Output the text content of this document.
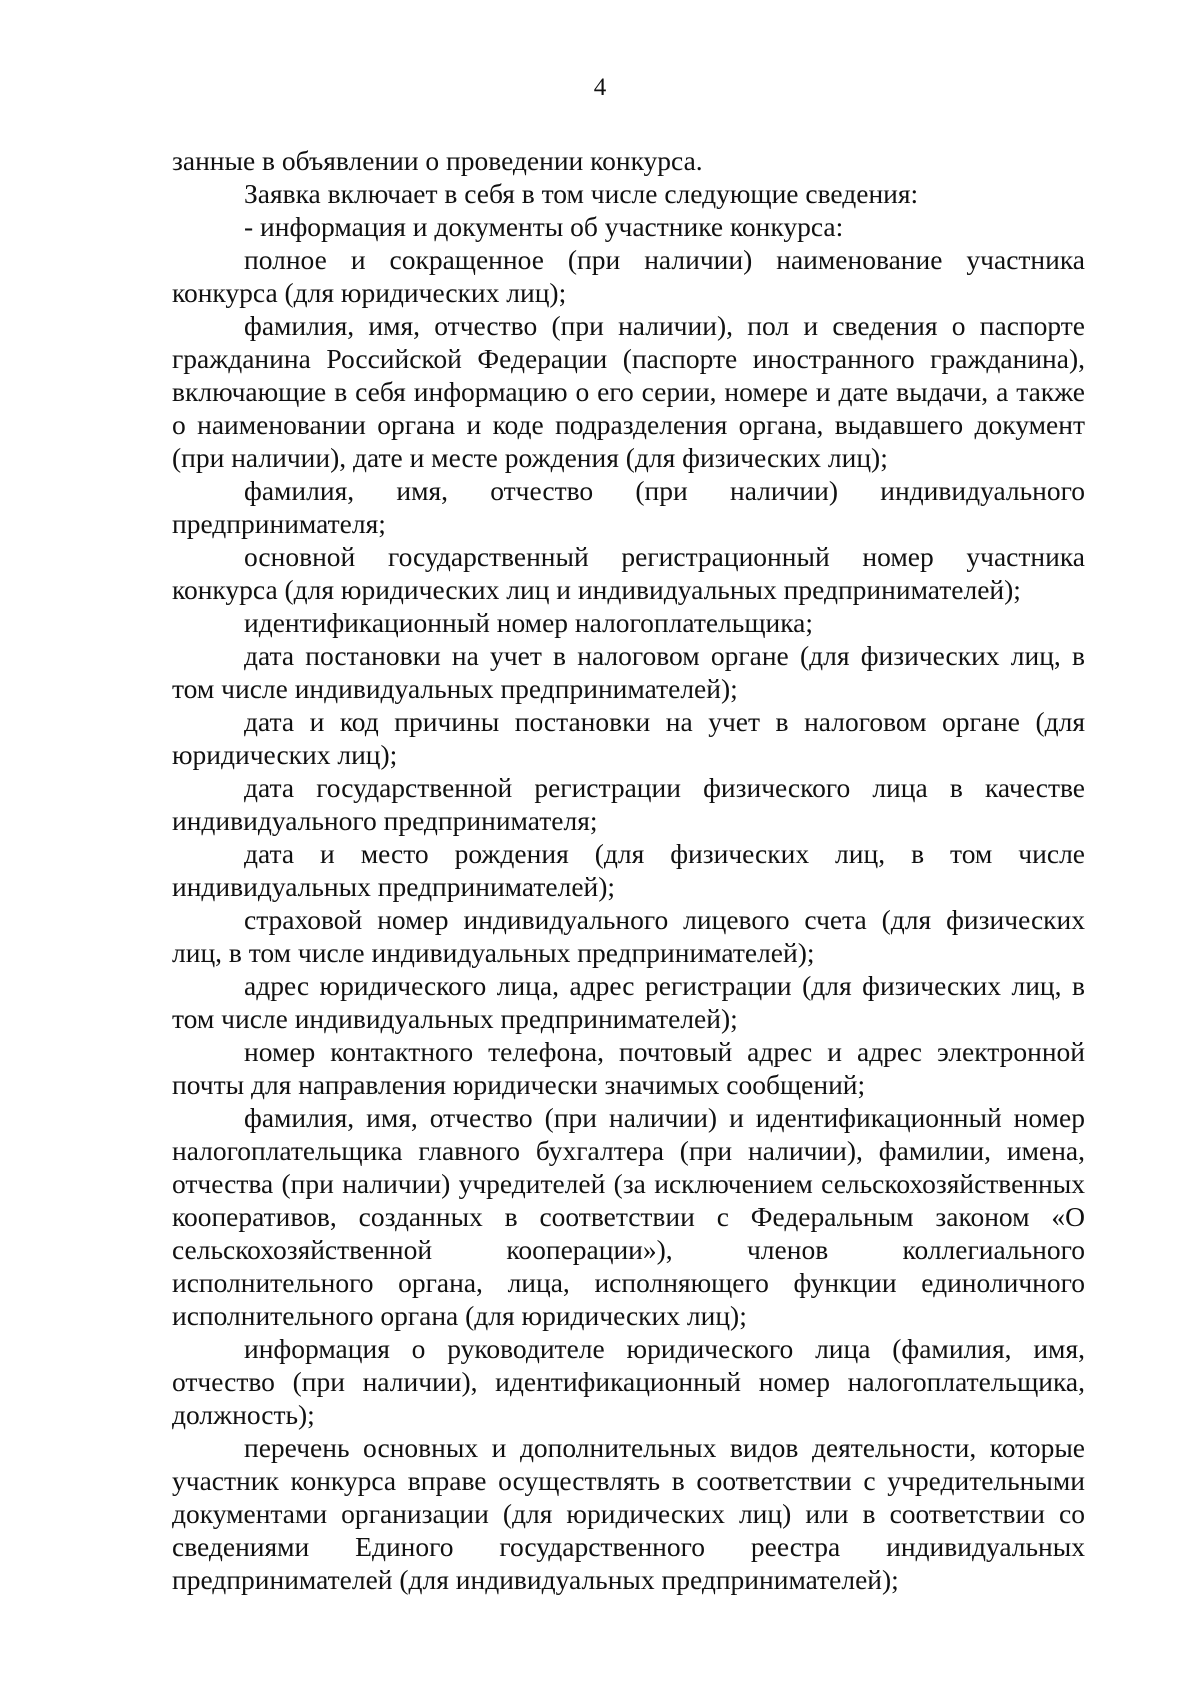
4

занные в объявлении о проведении конкурса.

Заявка включает в себя в том числе следующие сведения:

- информация и документы об участнике конкурса:

полное и сокращенное (при наличии) наименование участника конкурса (для юридических лиц);

фамилия, имя, отчество (при наличии), пол и сведения о паспорте гражданина Российской Федерации (паспорте иностранного гражданина), включающие в себя информацию о его серии, номере и дате выдачи, а также о наименовании органа и коде подразделения органа, выдавшего документ (при наличии), дате и месте рождения (для физических лиц);

фамилия, имя, отчество (при наличии) индивидуального предпринимателя;

основной государственный регистрационный номер участника конкурса (для юридических лиц и индивидуальных предпринимателей);

идентификационный номер налогоплательщика;

дата постановки на учет в налоговом органе (для физических лиц, в том числе индивидуальных предпринимателей);

дата и код причины постановки на учет в налоговом органе (для юридических лиц);

дата государственной регистрации физического лица в качестве индивидуального предпринимателя;

дата и место рождения (для физических лиц, в том числе индивидуальных предпринимателей);

страховой номер индивидуального лицевого счета (для физических лиц, в том числе индивидуальных предпринимателей);

адрес юридического лица, адрес регистрации (для физических лиц, в том числе индивидуальных предпринимателей);

номер контактного телефона, почтовый адрес и адрес электронной почты для направления юридически значимых сообщений;

фамилия, имя, отчество (при наличии) и идентификационный номер налогоплательщика главного бухгалтера (при наличии), фамилии, имена, отчества (при наличии) учредителей (за исключением сельскохозяйственных кооперативов, созданных в соответствии с Федеральным законом «О сельскохозяйственной кооперации»), членов коллегиального исполнительного органа, лица, исполняющего функции единоличного исполнительного органа (для юридических лиц);

информация о руководителе юридического лица (фамилия, имя, отчество (при наличии), идентификационный номер налогоплательщика, должность);

перечень основных и дополнительных видов деятельности, которые участник конкурса вправе осуществлять в соответствии с учредительными документами организации (для юридических лиц) или в соответствии со сведениями Единого государственного реестра индивидуальных предпринимателей (для индивидуальных предпринимателей);
